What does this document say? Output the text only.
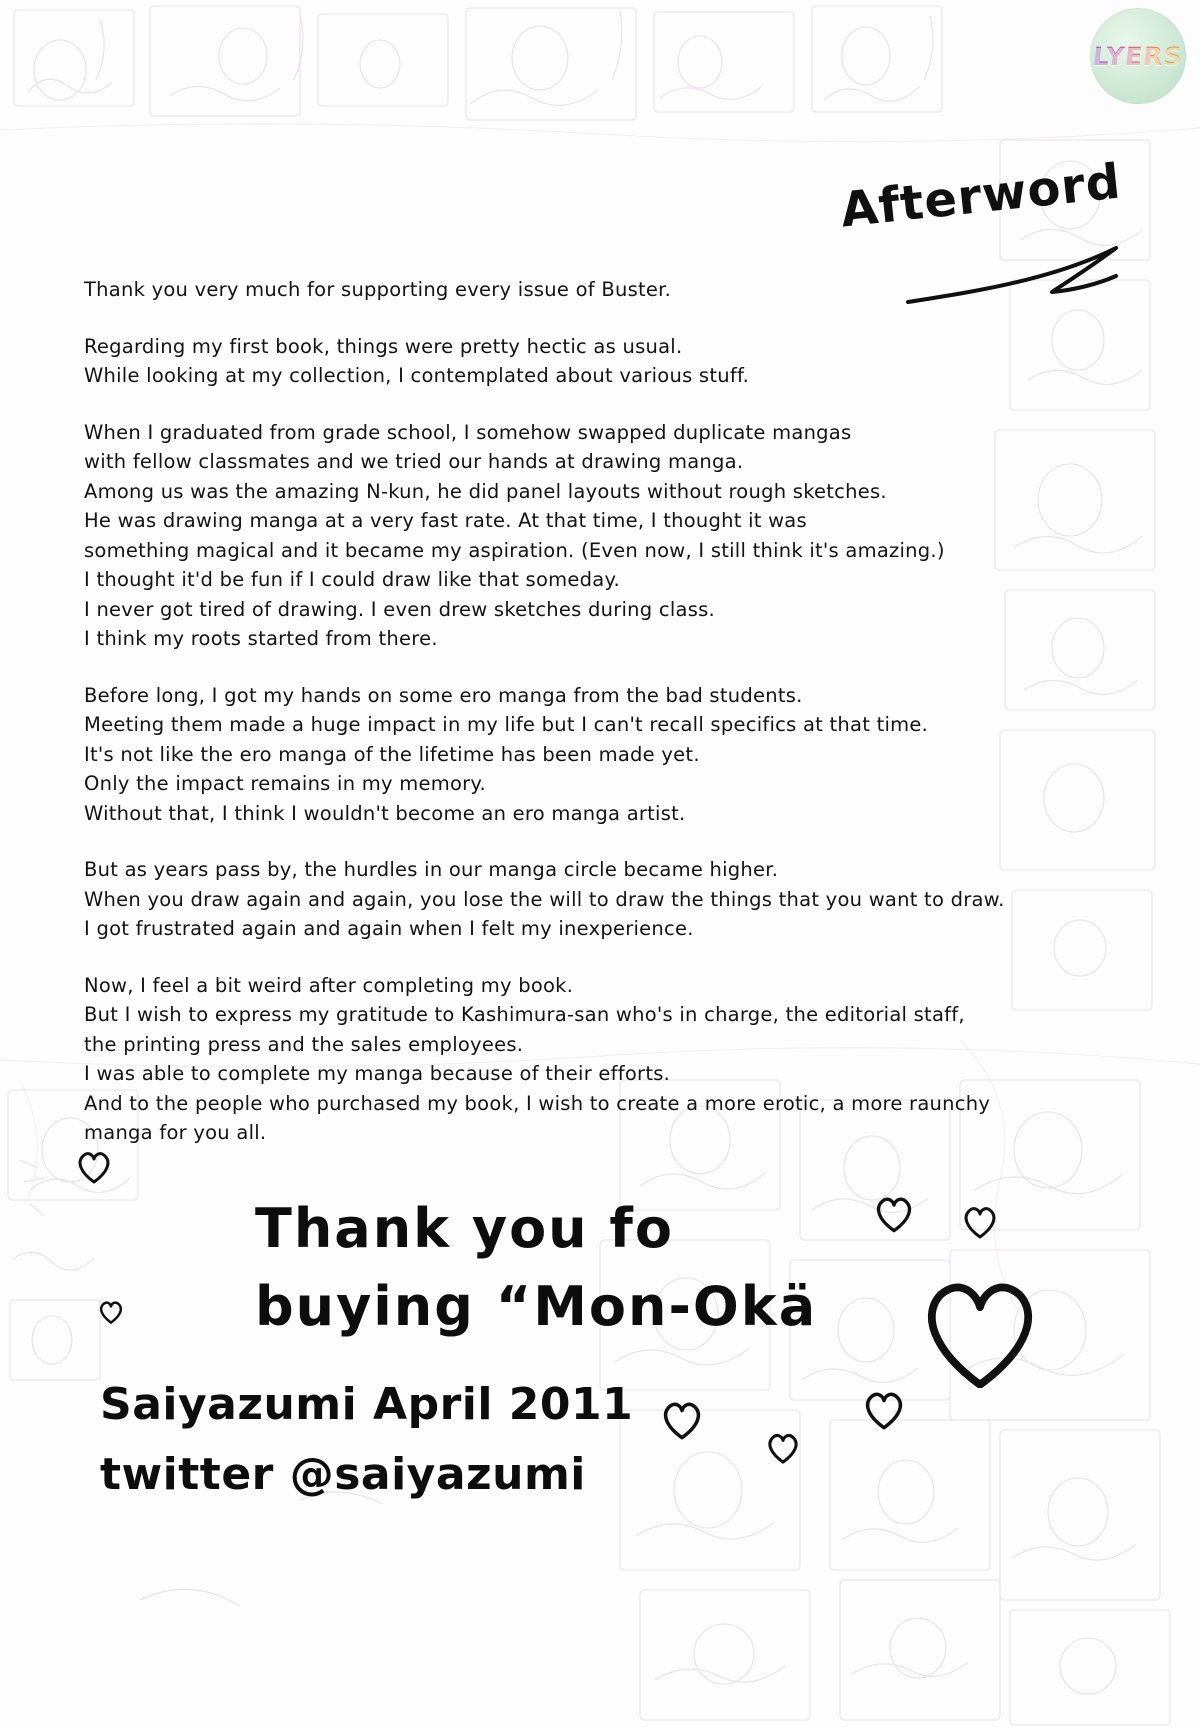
LYERS
Afterword

Thank you very much for supporting every issue of Buster.

Regarding my first book, things were pretty hectic as usual.
While looking at my collection, I contemplated about various stuff.

When I graduated from grade school, I somehow swapped duplicate mangas
with fellow classmates and we tried our hands at drawing manga.
Among us was the amazing N-kun, he did panel layouts without rough sketches.
He was drawing manga at a very fast rate. At that time, I thought it was
something magical and it became my aspiration. (Even now, I still think it's amazing.)
I thought it'd be fun if I could draw like that someday.
I never got tired of drawing. I even drew sketches during class.
I think my roots started from there.

Before long, I got my hands on some ero manga from the bad students.
Meeting them made a huge impact in my life but I can't recall specifics at that time.
It's not like the ero manga of the lifetime has been made yet.
Only the impact remains in my memory.
Without that, I think I wouldn't become an ero manga artist.

But as years pass by, the hurdles in our manga circle became higher.
When you draw again and again, you lose the will to draw the things that you want to draw.
I got frustrated again and again when I felt my inexperience.

Now, I feel a bit weird after completing my book.
But I wish to express my gratitude to Kashimura-san who's in charge, the editorial staff,
the printing press and the sales employees.
I was able to complete my manga because of their efforts.
And to the people who purchased my book, I wish to create a more erotic, a more raunchy
manga for you all.

Thank you fo
buying “Mon-Okä
Saiyazumi April 2011
twitter @saiyazumi
